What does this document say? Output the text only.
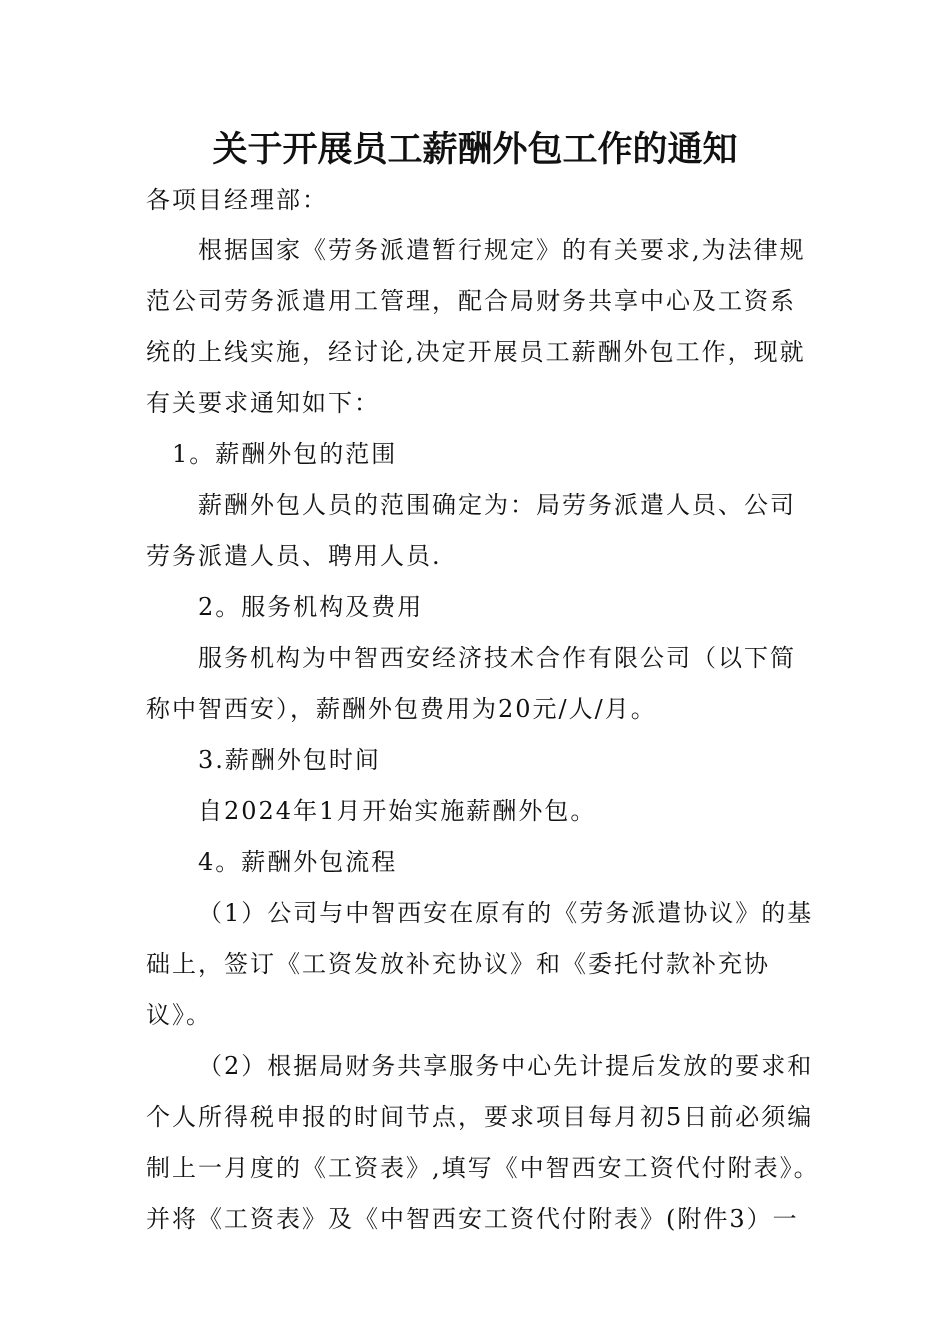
关于开展员工薪酬外包工作的通知
各项目经理部：
根据国家《劳务派遣暂行规定》的有关要求,为法律规
范公司劳务派遣用工管理，配合局财务共享中心及工资系
统的上线实施，经讨论,决定开展员工薪酬外包工作，现就
有关要求通知如下：
1。薪酬外包的范围
薪酬外包人员的范围确定为：局劳务派遣人员、公司
劳务派遣人员、聘用人员.
2。服务机构及费用
服务机构为中智西安经济技术合作有限公司（以下简
称中智西安），薪酬外包费用为20元/人/月。
3.薪酬外包时间
自2024年1月开始实施薪酬外包。
4。薪酬外包流程
（1）公司与中智西安在原有的《劳务派遣协议》的基
础上，签订《工资发放补充协议》和《委托付款补充协
议》。
（2）根据局财务共享服务中心先计提后发放的要求和
个人所得税申报的时间节点，要求项目每月初5日前必须编
制上一月度的《工资表》,填写《中智西安工资代付附表》。
并将《工资表》及《中智西安工资代付附表》(附件3）一
